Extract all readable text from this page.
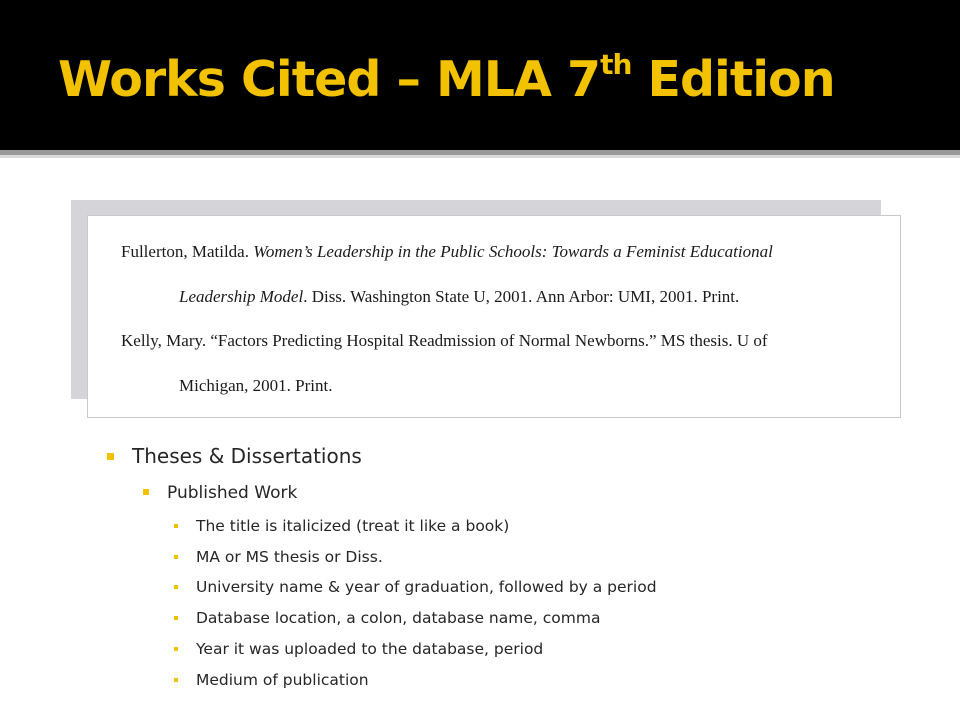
Works Cited – MLA 7th Edition

Fullerton, Matilda. Women’s Leadership in the Public Schools: Towards a Feminist Educational

Leadership Model. Diss. Washington State U, 2001. Ann Arbor: UMI, 2001. Print.

Kelly, Mary. “Factors Predicting Hospital Readmission of Normal Newborns.” MS thesis. U of

Michigan, 2001. Print.

Theses & Dissertations
Published Work
The title is italicized (treat it like a book)
MA or MS thesis or Diss.
University name & year of graduation, followed by a period
Database location, a colon, database name, comma
Year it was uploaded to the database, period
Medium of publication
